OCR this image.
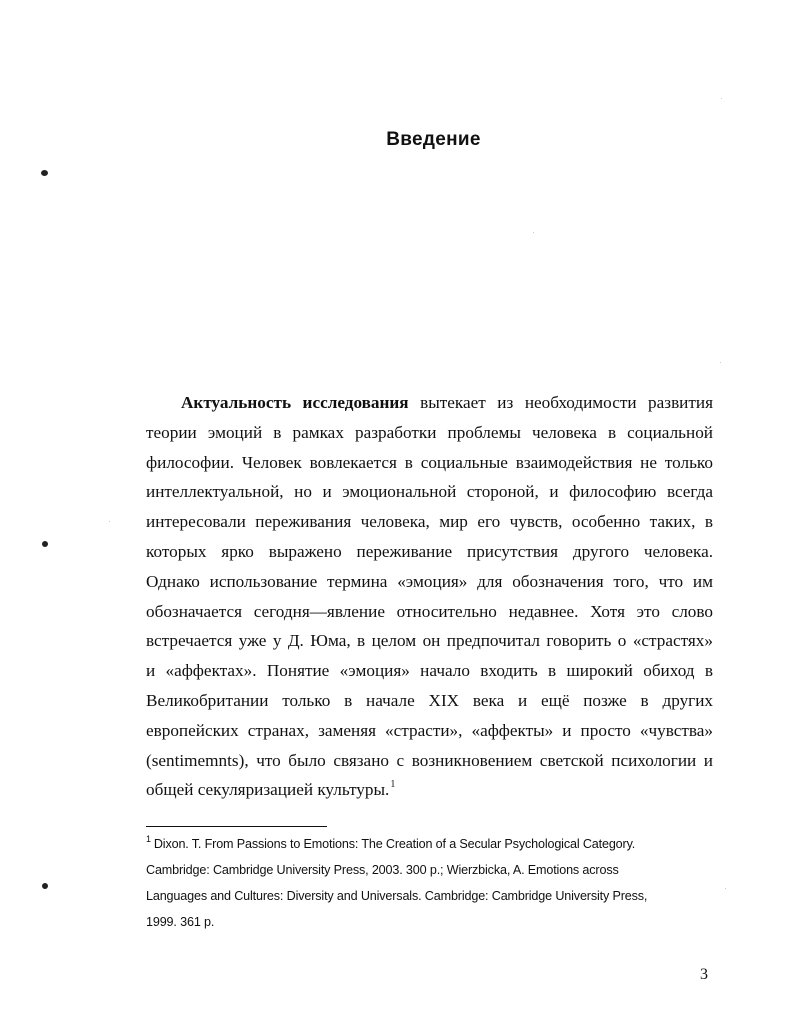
Введение
Актуальность исследования вытекает из необходимости развития
теории эмоций в рамках разработки проблемы человека в социальной
философии. Человек вовлекается в социальные взаимодействия не только
интеллектуальной, но и эмоциональной стороной, и философию всегда
интересовали переживания человека, мир его чувств, особенно таких, в
которых ярко выражено переживание присутствия другого человека.
Однако использование термина «эмоция» для обозначения того, что им
обозначается сегодня—явление относительно недавнее. Хотя это слово
встречается уже у Д. Юма, в целом он предпочитал говорить о «страстях»
и «аффектах». Понятие «эмоция» начало входить в широкий обиход в
Великобритании только в начале XIX века и ещё позже в других
европейских странах, заменяя «страсти», «аффекты» и просто «чувства»
(sentimemnts), что было связано с возникновением светской психологии и
общей секуляризацией культуры.$^1$
$^1$ Dixon. T. From Passions to Emotions: The Creation of a Secular Psychological Category.
Cambridge: Cambridge University Press, 2003. 300 p.; Wierzbicka, A. Emotions across
Languages and Cultures: Diversity and Universals. Cambridge: Cambridge University Press,
1999. 361 p.
3
